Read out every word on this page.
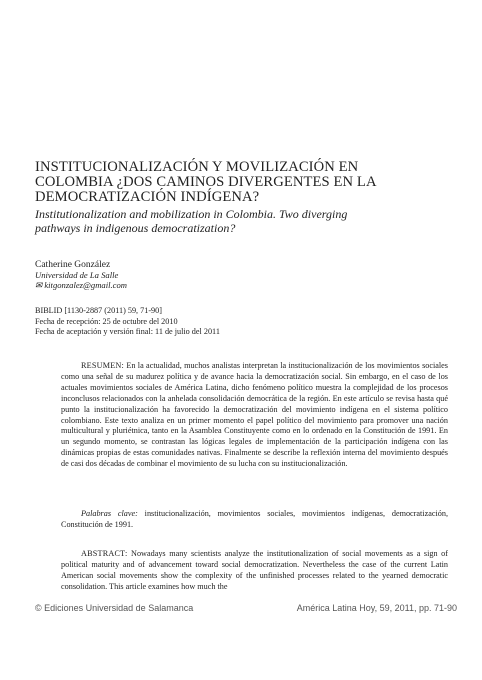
INSTITUCIONALIZACIÓN Y MOVILIZACIÓN EN
COLOMBIA ¿DOS CAMINOS DIVERGENTES EN LA
DEMOCRATIZACIÓN INDÍGENA?
Institutionalization and mobilization in Colombia. Two diverging
pathways in indigenous democratization?
Catherine González
Universidad de La Salle
✉ kitgonzalez@gmail.com
BIBLID [1130-2887 (2011) 59, 71-90]
Fecha de recepción: 25 de octubre del 2010
Fecha de aceptación y versión final: 11 de julio del 2011
RESUMEN: En la actualidad, muchos analistas interpretan la institucionalización de los movimientos sociales como una señal de su madurez política y de avance hacia la democratización social. Sin embargo, en el caso de los actuales movimientos sociales de América Latina, dicho fenómeno político muestra la complejidad de los procesos inconclusos relacionados con la anhelada consolidación democrática de la región. En este artículo se revisa hasta qué punto la institucionalización ha favorecido la democratización del movimiento indígena en el sistema político colombiano. Este texto analiza en un primer momento el papel político del movimiento para promover una nación multicultural y pluriétnica, tanto en la Asamblea Constituyente como en lo ordenado en la Constitución de 1991. En un segundo momento, se contrastan las lógicas legales de implementación de la participación indígena con las dinámicas propias de estas comunidades nativas. Finalmente se describe la reflexión interna del movimiento después de casi dos décadas de combinar el movimiento de su lucha con su institucionalización.
Palabras clave: institucionalización, movimientos sociales, movimientos indígenas, democratización, Constitución de 1991.
ABSTRACT: Nowadays many scientists analyze the institutionalization of social movements as a sign of political maturity and of advancement toward social democratization. Nevertheless the case of the current Latin American social movements show the complexity of the unfinished processes related to the yearned democratic consolidation. This article examines how much the
© Ediciones Universidad de Salamanca	América Latina Hoy, 59, 2011, pp. 71-90
